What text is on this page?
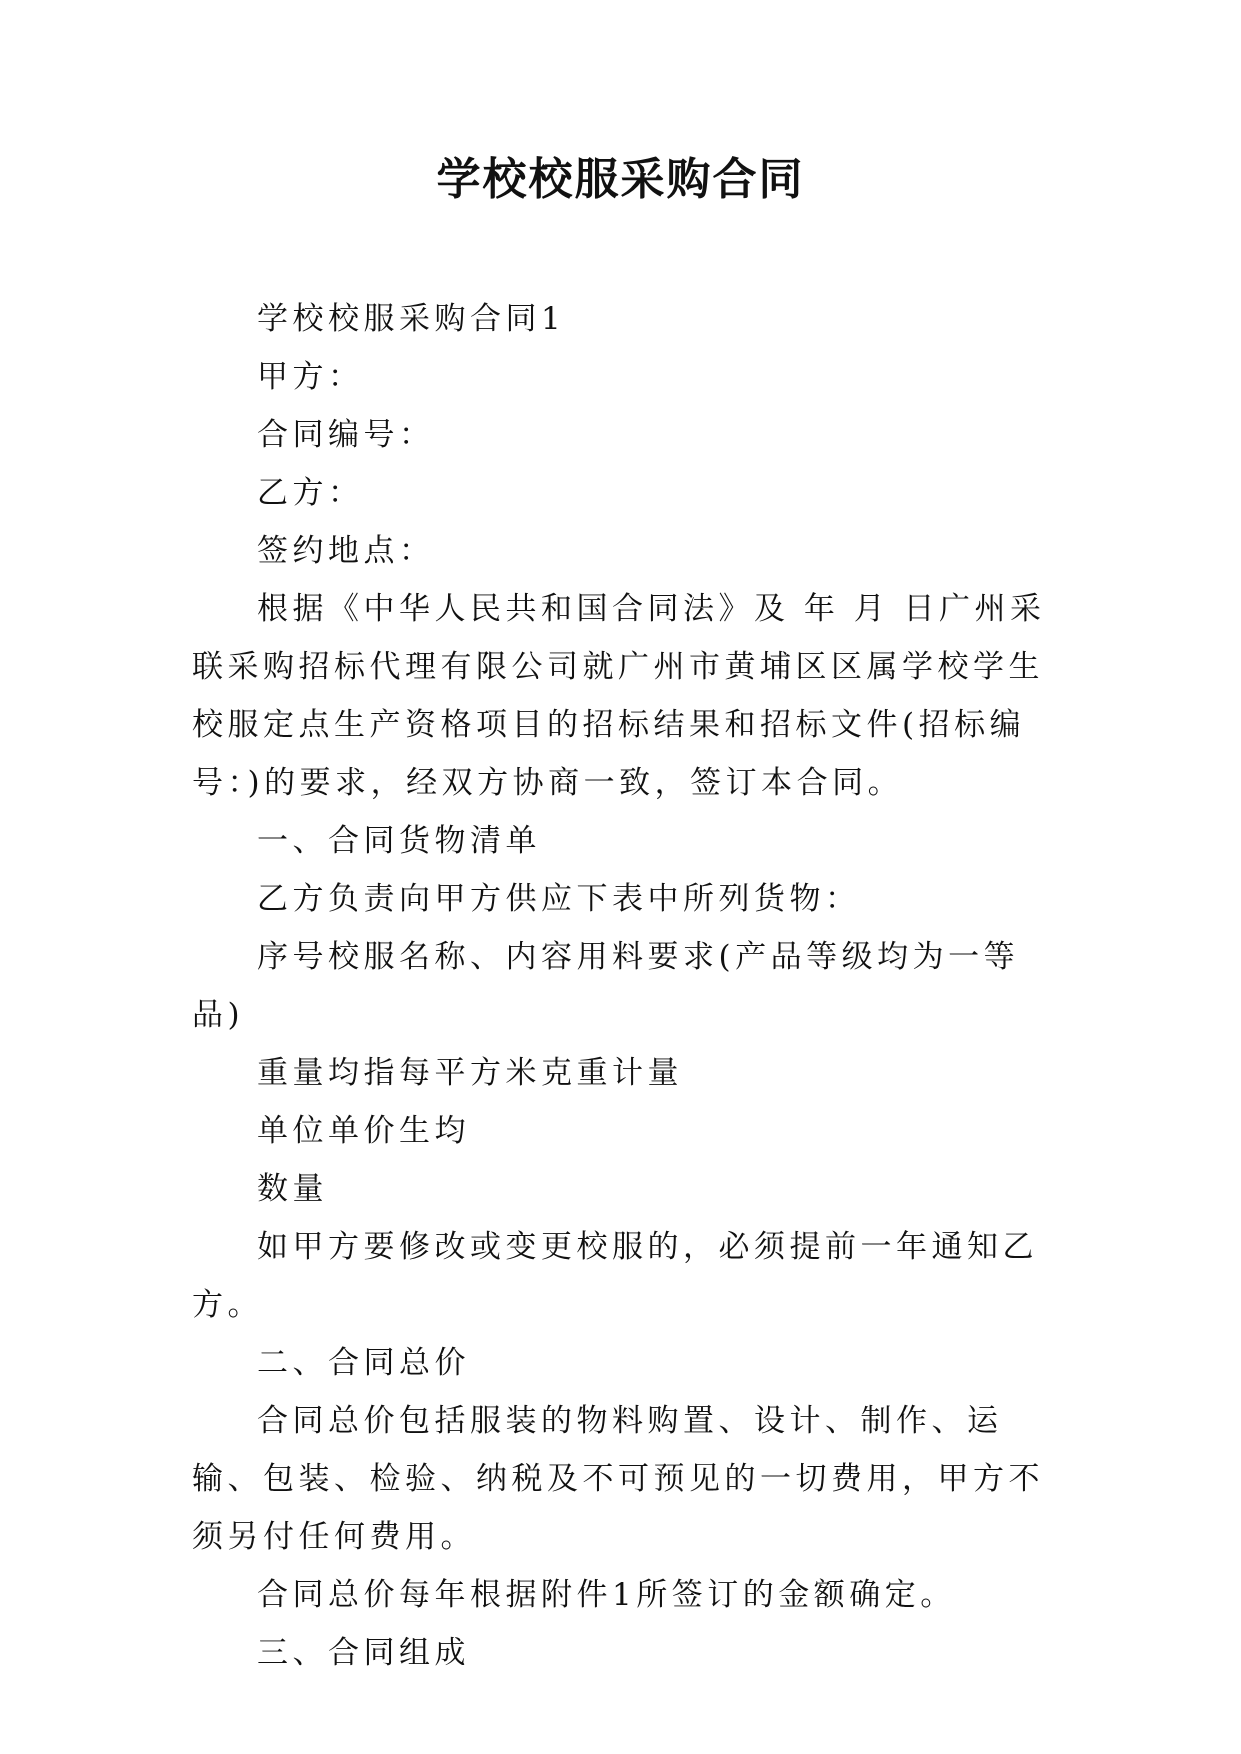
学校校服采购合同

学校校服采购合同1

甲方：

合同编号：

乙方：

签约地点：

根据《中华人民共和国合同法》及 年 月 日广州采联采购招标代理有限公司就广州市黄埔区区属学校学生校服定点生产资格项目的招标结果和招标文件(招标编号：)的要求，经双方协商一致，签订本合同。

一、合同货物清单

乙方负责向甲方供应下表中所列货物：

序号校服名称、内容用料要求(产品等级均为一等品)

重量均指每平方米克重计量

单位单价生均

数量

如甲方要修改或变更校服的，必须提前一年通知乙方。

二、合同总价

合同总价包括服装的物料购置、设计、制作、运输、包装、检验、纳税及不可预见的一切费用，甲方不须另付任何费用。

合同总价每年根据附件1所签订的金额确定。

三、合同组成
